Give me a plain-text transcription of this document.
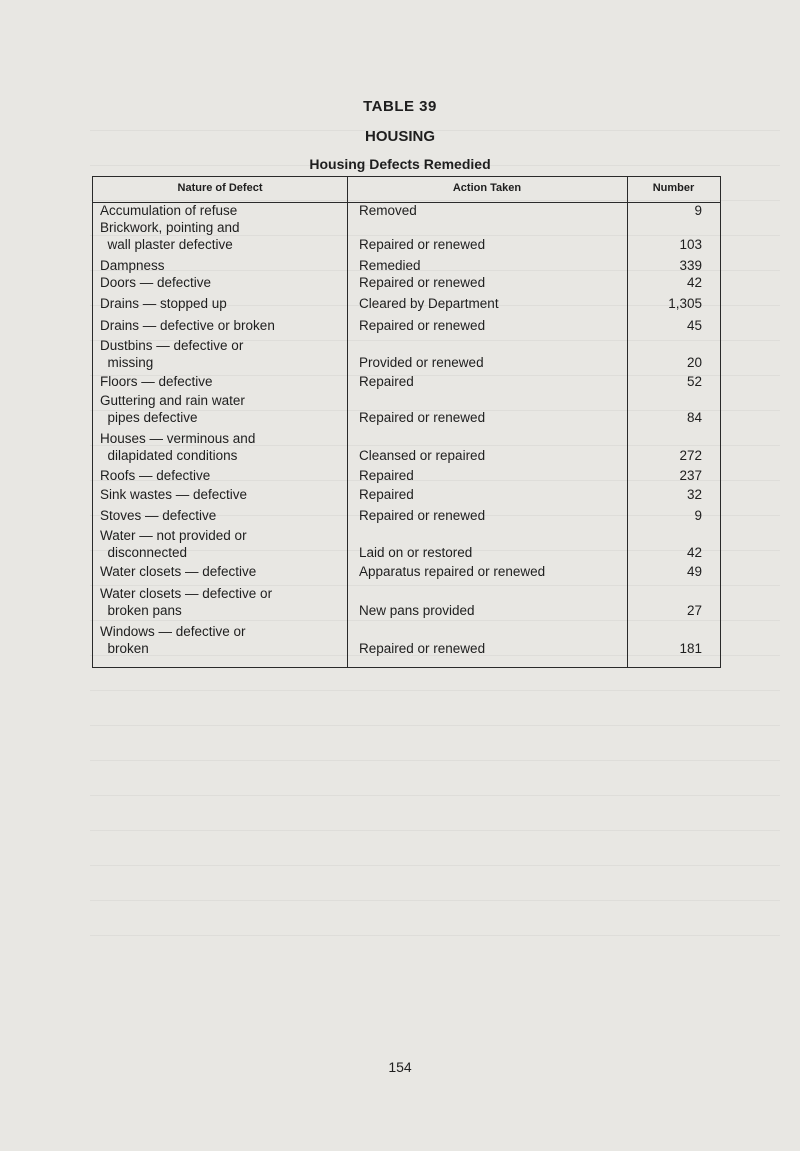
TABLE 39
HOUSING
Housing Defects Remedied
Nature of Defect	Action Taken	Number
Accumulation of refuse	Removed	9
Brickwork, pointing and
wall plaster defective	Repaired or renewed	103
Dampness	Remedied	339
Doors — defective	Repaired or renewed	42
Drains — stopped up	Cleared by Department	1,305
Drains — defective or broken	Repaired or renewed	45
Dustbins — defective or
missing	Provided or renewed	20
Floors — defective	Repaired	52
Guttering and rain water
pipes defective	Repaired or renewed	84
Houses — verminous and
dilapidated conditions	Cleansed or repaired	272
Roofs — defective	Repaired	237
Sink wastes — defective	Repaired	32
Stoves — defective	Repaired or renewed	9
Water — not provided or
disconnected	Laid on or restored	42
Water closets — defective	Apparatus repaired or renewed	49
Water closets — defective or
broken pans	New pans provided	27
Windows — defective or
broken	Repaired or renewed	181
154
